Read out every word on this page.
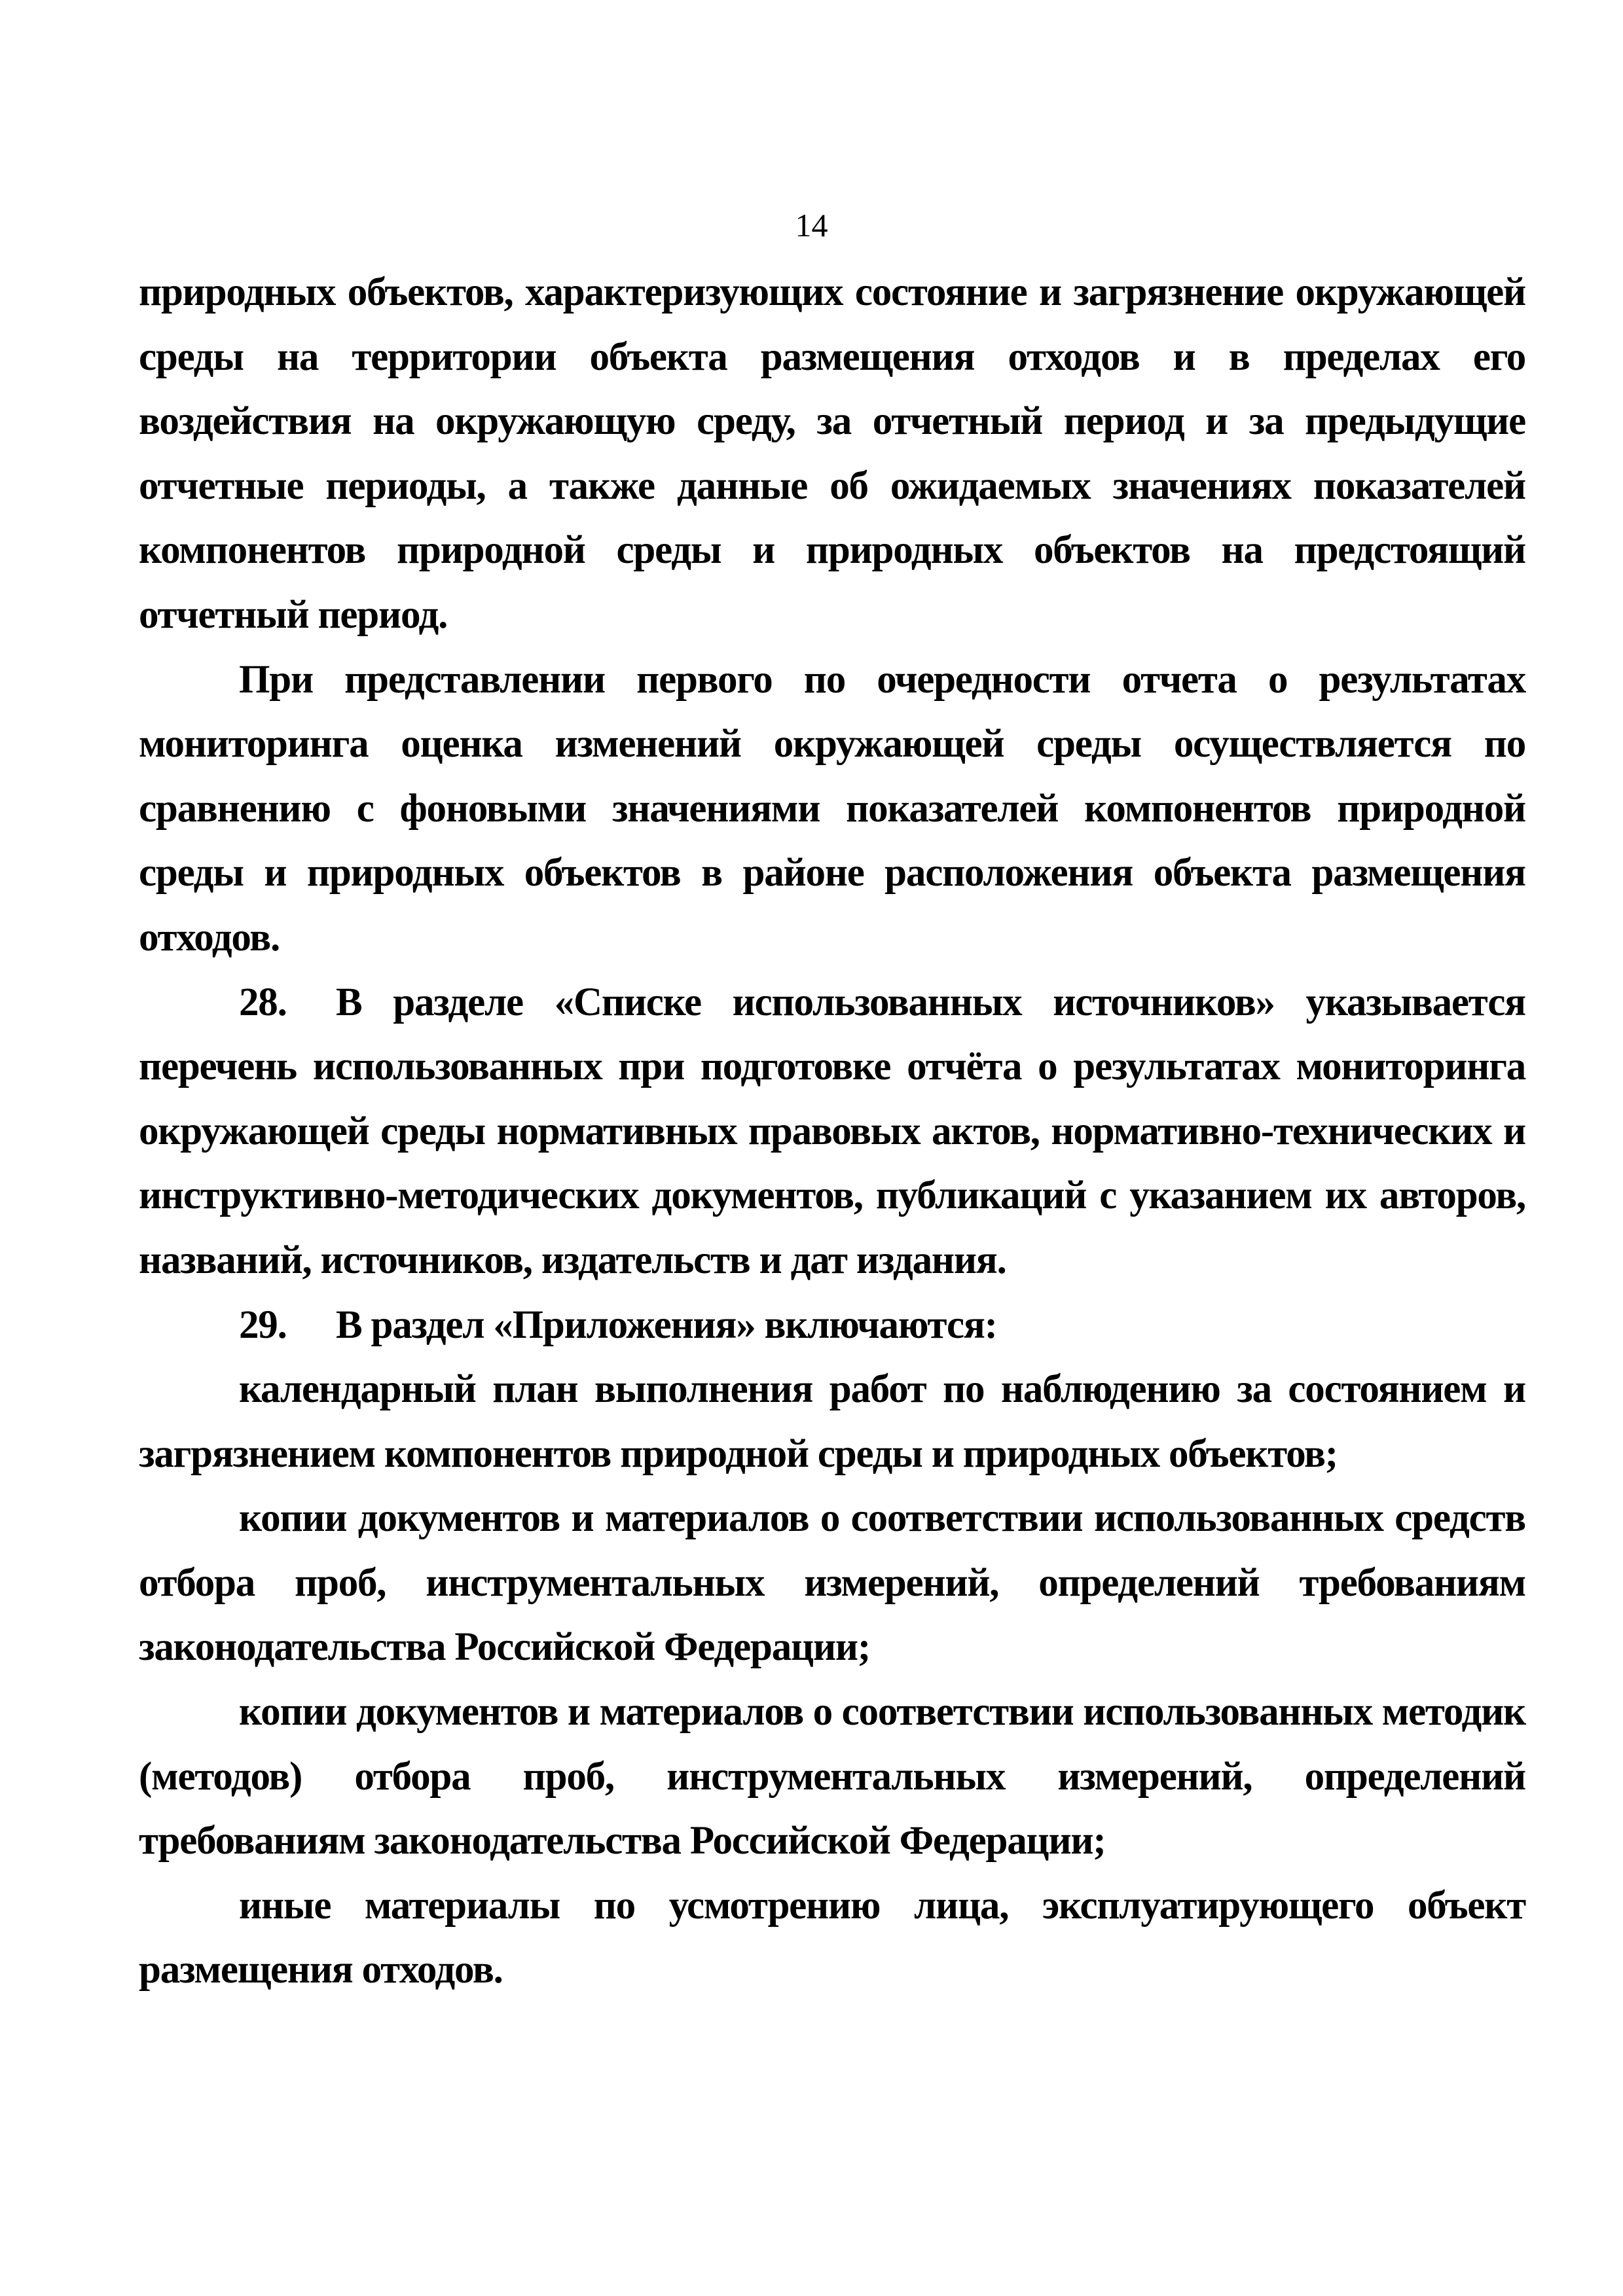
14

природных объектов, характеризующих состояние и загрязнение окружающей среды на территории объекта размещения отходов и в пределах его воздействия на окружающую среду, за отчетный период и за предыдущие отчетные периоды, а также данные об ожидаемых значениях показателей компонентов природной среды и природных объектов на предстоящий отчетный период.

При представлении первого по очередности отчета о результатах мониторинга оценка изменений окружающей среды осуществляется по сравнению с фоновыми значениями показателей компонентов природной среды и природных объектов в районе расположения объекта размещения отходов.

28. В разделе «Списке использованных источников» указывается перечень использованных при подготовке отчёта о результатах мониторинга окружающей среды нормативных правовых актов, нормативно-технических и инструктивно-методических документов, публикаций с указанием их авторов, названий, источников, издательств и дат издания.

29. В раздел «Приложения» включаются:

календарный план выполнения работ по наблюдению за состоянием и загрязнением компонентов природной среды и природных объектов;

копии документов и материалов о соответствии использованных средств отбора проб, инструментальных измерений, определений требованиям законодательства Российской Федерации;

копии документов и материалов о соответствии использованных методик (методов) отбора проб, инструментальных измерений, определений требованиям законодательства Российской Федерации;

иные материалы по усмотрению лица, эксплуатирующего объект размещения отходов.
